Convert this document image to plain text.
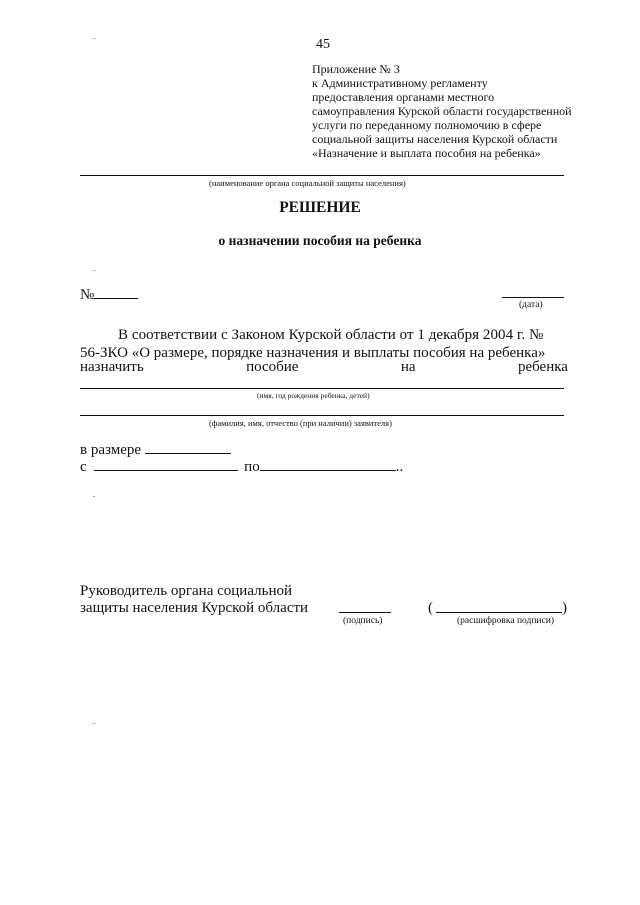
45
Приложение № 3
к Административному регламенту
предоставления органами местного
самоуправления Курской области государственной
услуги по переданному полномочию в сфере
социальной защиты населения Курской области
«Назначение и выплата пособия на ребенка»
(наименование органа социальной защиты населения)
РЕШЕНИЕ
о назначении пособия на ребенка
№
(дата)
В соответствии с Законом Курской области от 1 декабря 2004 г. №
56-ЗКО «О размере, порядке назначения и выплаты пособия на ребенка»
назначить	пособие	на	ребенка
(имя, год рождения ребенка, детей)
(фамилия, имя, отчество (при наличии) заявителя)
в размере
с	по	..
Руководитель органа социальной
защиты населения Курской области
(подпись)
(	)
(расшифровка подписи)
